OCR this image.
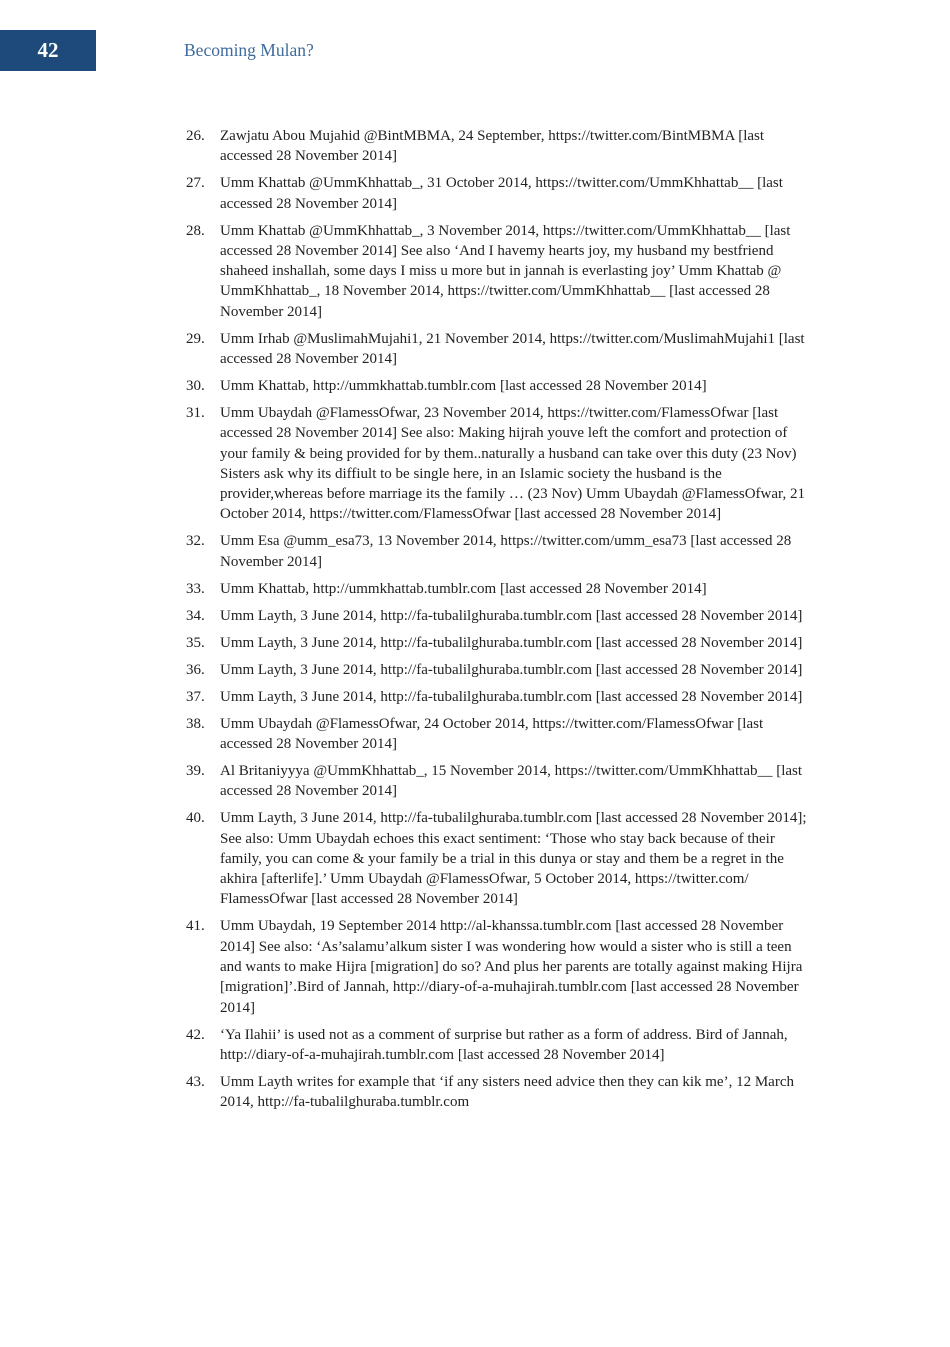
42	Becoming Mulan?
26.	Zawjatu Abou Mujahid @BintMBMA, 24 September, https://twitter.com/BintMBMA [last accessed 28 November 2014]
27.	Umm Khattab @UmmKhhattab_, 31 October 2014, https://twitter.com/UmmKhhattab__ [last accessed 28 November 2014]
28.	Umm Khattab @UmmKhhattab_, 3 November 2014, https://twitter.com/UmmKhhattab__ [last accessed 28 November 2014] See also ‘And I havemy hearts joy, my husband my bestfriend shaheed inshallah, some days I miss u more but in jannah is everlasting joy’ Umm Khattab @ UmmKhhattab_, 18 November 2014, https://twitter.com/UmmKhhattab__ [last accessed 28 November 2014]
29.	Umm Irhab @MuslimahMujahi1, 21 November 2014, https://twitter.com/MuslimahMujahi1 [last accessed 28 November 2014]
30.	Umm Khattab, http://ummkhattab.tumblr.com [last accessed 28 November 2014]
31.	Umm Ubaydah @FlamessOfwar, 23 November 2014, https://twitter.com/FlamessOfwar [last accessed 28 November 2014] See also: Making hijrah youve left the comfort and protection of your family & being provided for by them..naturally a husband can take over this duty (23 Nov) Sisters ask why its diffiult to be single here, in an Islamic society the husband is the provider,whereas before marriage its the family … (23 Nov) Umm Ubaydah @FlamessOfwar, 21 October 2014, https://twitter.com/FlamessOfwar [last accessed 28 November 2014]
32.	Umm Esa @umm_esa73, 13 November 2014, https://twitter.com/umm_esa73 [last accessed 28 November 2014]
33.	Umm Khattab, http://ummkhattab.tumblr.com [last accessed 28 November 2014]
34.	Umm Layth, 3 June 2014, http://fa-tubalilghuraba.tumblr.com [last accessed 28 November 2014]
35.	Umm Layth, 3 June 2014, http://fa-tubalilghuraba.tumblr.com [last accessed 28 November 2014]
36.	Umm Layth, 3 June 2014, http://fa-tubalilghuraba.tumblr.com [last accessed 28 November 2014]
37.	Umm Layth, 3 June 2014, http://fa-tubalilghuraba.tumblr.com [last accessed 28 November 2014]
38.	Umm Ubaydah @FlamessOfwar, 24 October 2014, https://twitter.com/FlamessOfwar [last accessed 28 November 2014]
39.	Al Britaniyyya @UmmKhhattab_, 15 November 2014, https://twitter.com/UmmKhhattab__ [last accessed 28 November 2014]
40.	Umm Layth, 3 June 2014, http://fa-tubalilghuraba.tumblr.com [last accessed 28 November 2014]; See also: Umm Ubaydah echoes this exact sentiment: ‘Those who stay back because of their family, you can come & your family be a trial in this dunya or stay and them be a regret in the akhira [afterlife].’ Umm Ubaydah @FlamessOfwar, 5 October 2014, https://twitter.com/ FlamessOfwar [last accessed 28 November 2014]
41.	Umm Ubaydah, 19 September 2014 http://al-khanssa.tumblr.com [last accessed 28 November 2014] See also: ‘As’salamu’alkum sister I was wondering how would a sister who is still a teen and wants to make Hijra [migration] do so? And plus her parents are totally against making Hijra [migration]’.Bird of Jannah, http://diary-of-a-muhajirah.tumblr.com [last accessed 28 November 2014]
42.	‘Ya Ilahii’ is used not as a comment of surprise but rather as a form of address. Bird of Jannah, http://diary-of-a-muhajirah.tumblr.com [last accessed 28 November 2014]
43.	Umm Layth writes for example that ‘if any sisters need advice then they can kik me’, 12 March 2014, http://fa-tubalilghuraba.tumblr.com
